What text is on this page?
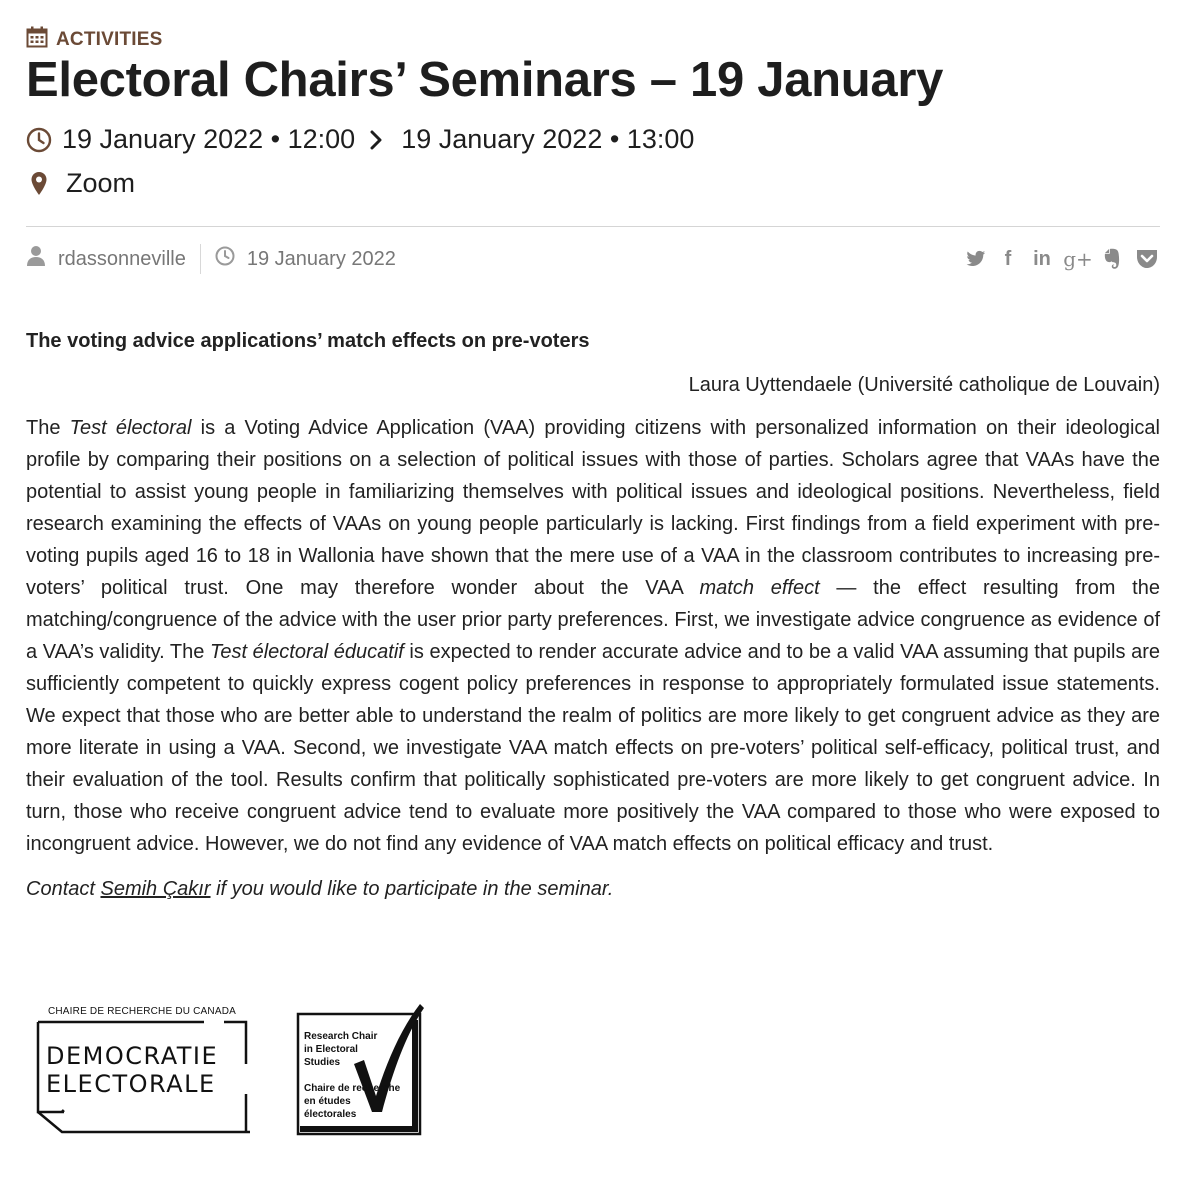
ACTIVITIES
Electoral Chairs’ Seminars – 19 January
19 January 2022 • 12:00 19 January 2022 • 13:00
Zoom
rdassonneville	19 January 2022	f	in g+

The voting advice applications’ match effects on pre-voters

Laura Uyttendaele (Université catholique de Louvain)

The Test électoral is a Voting Advice Application (VAA) providing citizens with personalized information on their ideological profile by comparing their positions on a selection of political issues with those of parties. Scholars agree that VAAs have the potential to assist young people in familiarizing themselves with political issues and ideological positions. Nevertheless, field research examining the effects of VAAs on young people particularly is lacking. First findings from a field experiment with pre-voting pupils aged 16 to 18 in Wallonia have shown that the mere use of a VAA in the classroom contributes to increasing pre-voters’ political trust. One may therefore wonder about the VAA match effect — the effect resulting from the matching/congruence of the advice with the user prior party preferences. First, we investigate advice congruence as evidence of a VAA’s validity. The Test électoral éducatif is expected to render accurate advice and to be a valid VAA assuming that pupils are sufficiently competent to quickly express cogent policy preferences in response to appropriately formulated issue statements. We expect that those who are better able to understand the realm of politics are more likely to get congruent advice as they are more literate in using a VAA. Second, we investigate VAA match effects on pre-voters’ political self-efficacy, political trust, and their evaluation of the tool. Results confirm that politically sophisticated pre-voters are more likely to get congruent advice. In turn, those who receive congruent advice tend to evaluate more positively the VAA compared to those who were exposed to incongruent advice. However, we do not find any evidence of VAA match effects on political efficacy and trust.

Contact Semih Çakır if you would like to participate in the seminar.

CHAIRE DE RECHERCHE DU CANADA
DEMOCRATIE
ELECTORALE
Research Chair in Electoral Studies
Chaire de recherche en études électorales
